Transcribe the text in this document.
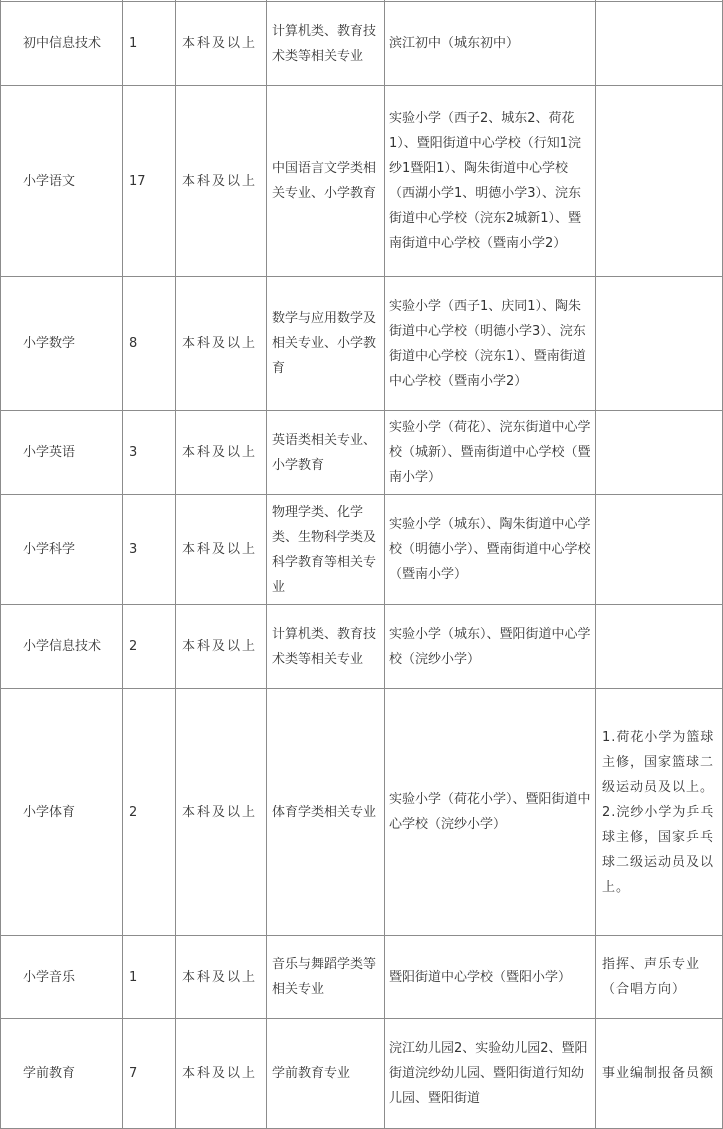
初中信息技术	1	本科及以上	计算机类、教育技术类等相关专业	滨江初中（城东初中）	
小学语文	17	本科及以上	中国语言文学类相关专业、小学教育	实验小学（西子2、城东2、荷花1）、暨阳街道中心学校（行知1浣纱1暨阳1）、陶朱街道中心学校（西湖小学1、明德小学3）、浣东街道中心学校（浣东2城新1）、暨南街道中心学校（暨南小学2）	
小学数学	8	本科及以上	数学与应用数学及相关专业、小学教育	实验小学（西子1、庆同1）、陶朱街道中心学校（明德小学3）、浣东街道中心学校（浣东1）、暨南街道中心学校（暨南小学2）	
小学英语	3	本科及以上	英语类相关专业、小学教育	实验小学（荷花）、浣东街道中心学校（城新）、暨南街道中心学校（暨南小学）	
小学科学	3	本科及以上	物理学类、化学类、生物科学类及科学教育等相关专业	实验小学（城东）、陶朱街道中心学校（明德小学）、暨南街道中心学校（暨南小学）	
小学信息技术	2	本科及以上	计算机类、教育技术类等相关专业	实验小学（城东）、暨阳街道中心学校（浣纱小学）	
小学体育	2	本科及以上	体育学类相关专业	实验小学（荷花小学）、暨阳街道中心学校（浣纱小学）	1.荷花小学为篮球主修，国家篮球二级运动员及以上。2.浣纱小学为乒乓球主修，国家乒乓球二级运动员及以上。
小学音乐	1	本科及以上	音乐与舞蹈学类等相关专业	暨阳街道中心学校（暨阳小学）	指挥、声乐专业（合唱方向）
学前教育	7	本科及以上	学前教育专业	浣江幼儿园2、实验幼儿园2、暨阳街道浣纱幼儿园、暨阳街道行知幼儿园、暨阳街道	事业编制报备员额
